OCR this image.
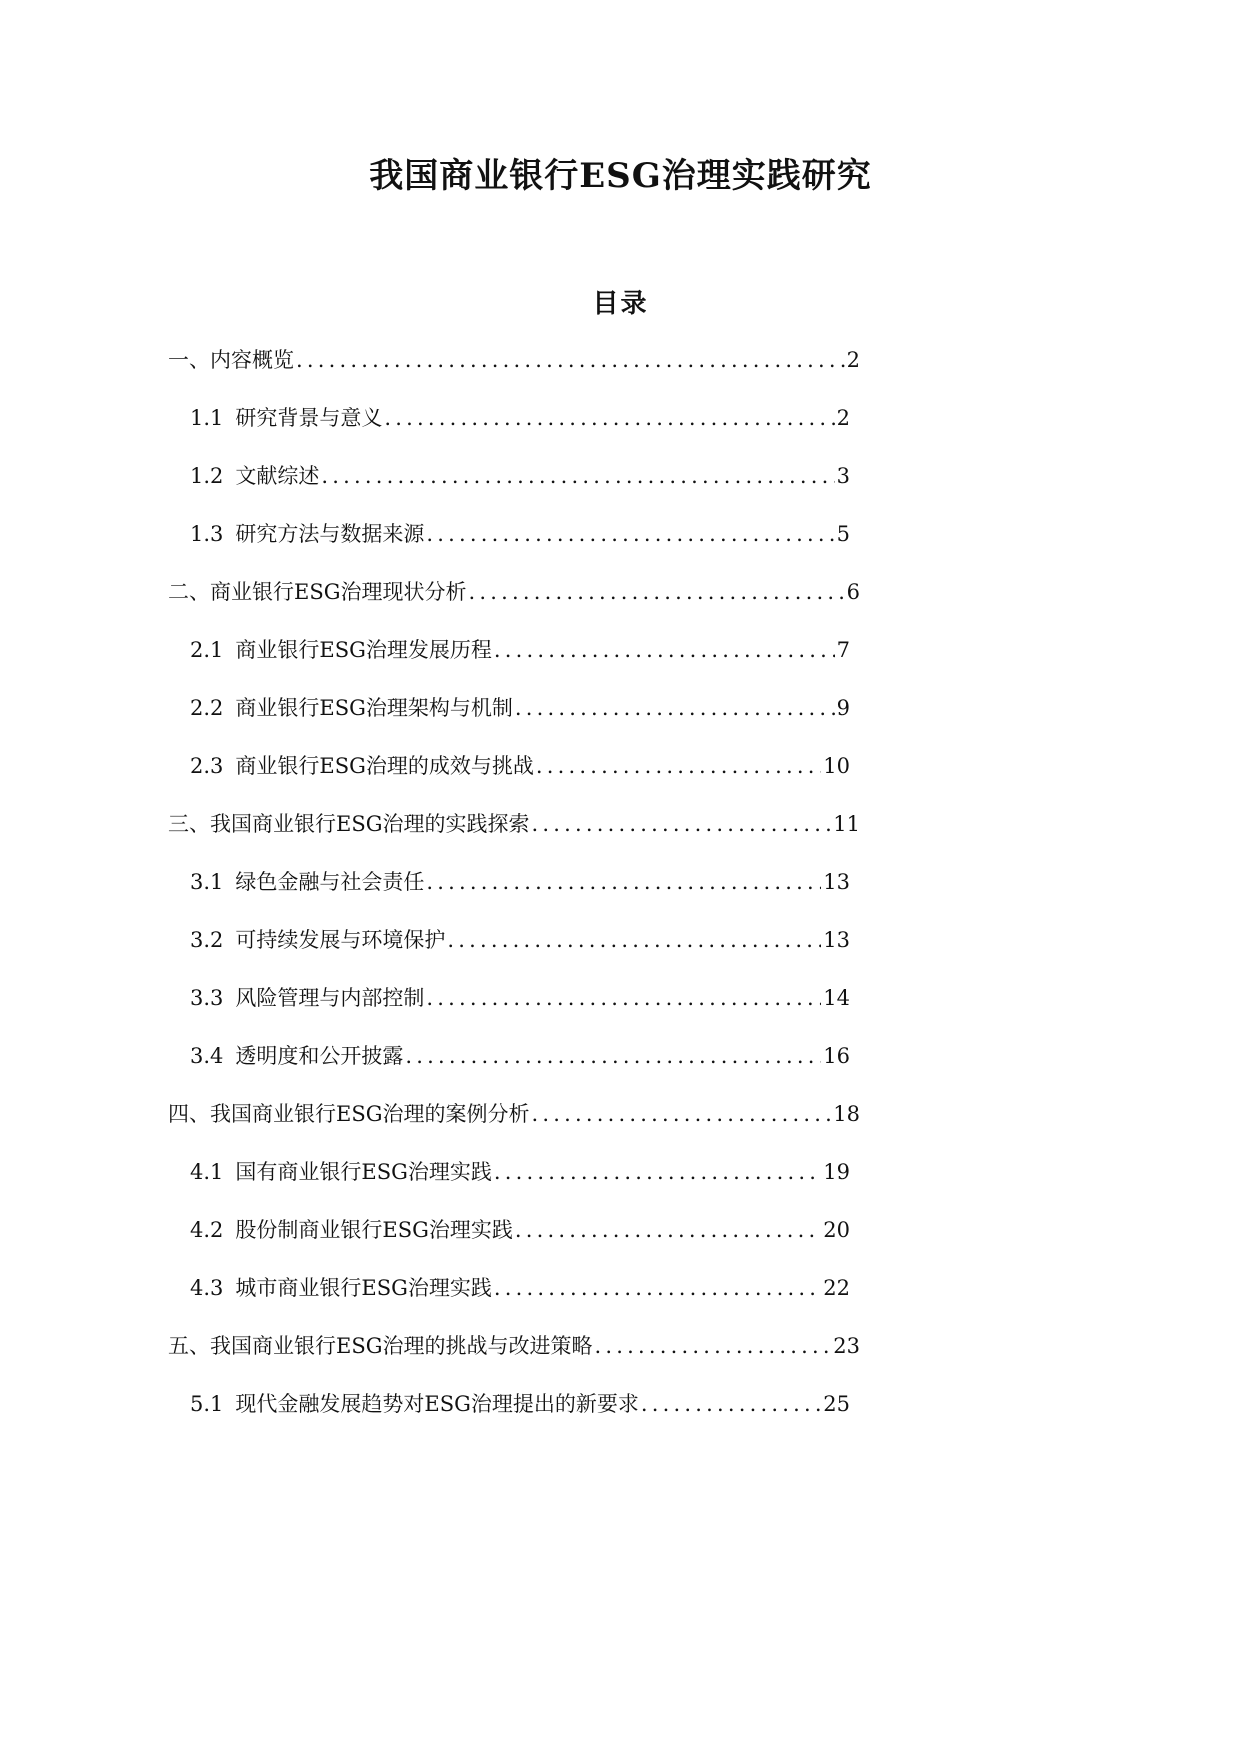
我国商业银行ESG治理实践研究
目录
一、 内容概览 .....	2
1.1 研究背景与意义 .....	2
1.2 文献综述 .....	3
1.3 研究方法与数据来源 .....	5
二、 商业银行ESG治理现状分析 .....	6
2.1 商业银行ESG治理发展历程 .....	7
2.2 商业银行ESG治理架构与机制 .....	9
2.3 商业银行ESG治理的成效与挑战 .....	10
三、 我国商业银行ESG治理的实践探索 .....	11
3.1 绿色金融与社会责任 .....	13
3.2 可持续发展与环境保护 .....	13
3.3 风险管理与内部控制 .....	14
3.4 透明度和公开披露 .....	16
四、 我国商业银行ESG治理的案例分析 .....	18
4.1 国有商业银行ESG治理实践 .....	19
4.2 股份制商业银行ESG治理实践 .....	20
4.3 城市商业银行ESG治理实践 .....	22
五、 我国商业银行ESG治理的挑战与改进策略 .....	23
5.1 现代金融发展趋势对ESG治理提出的新要求 .....	25
